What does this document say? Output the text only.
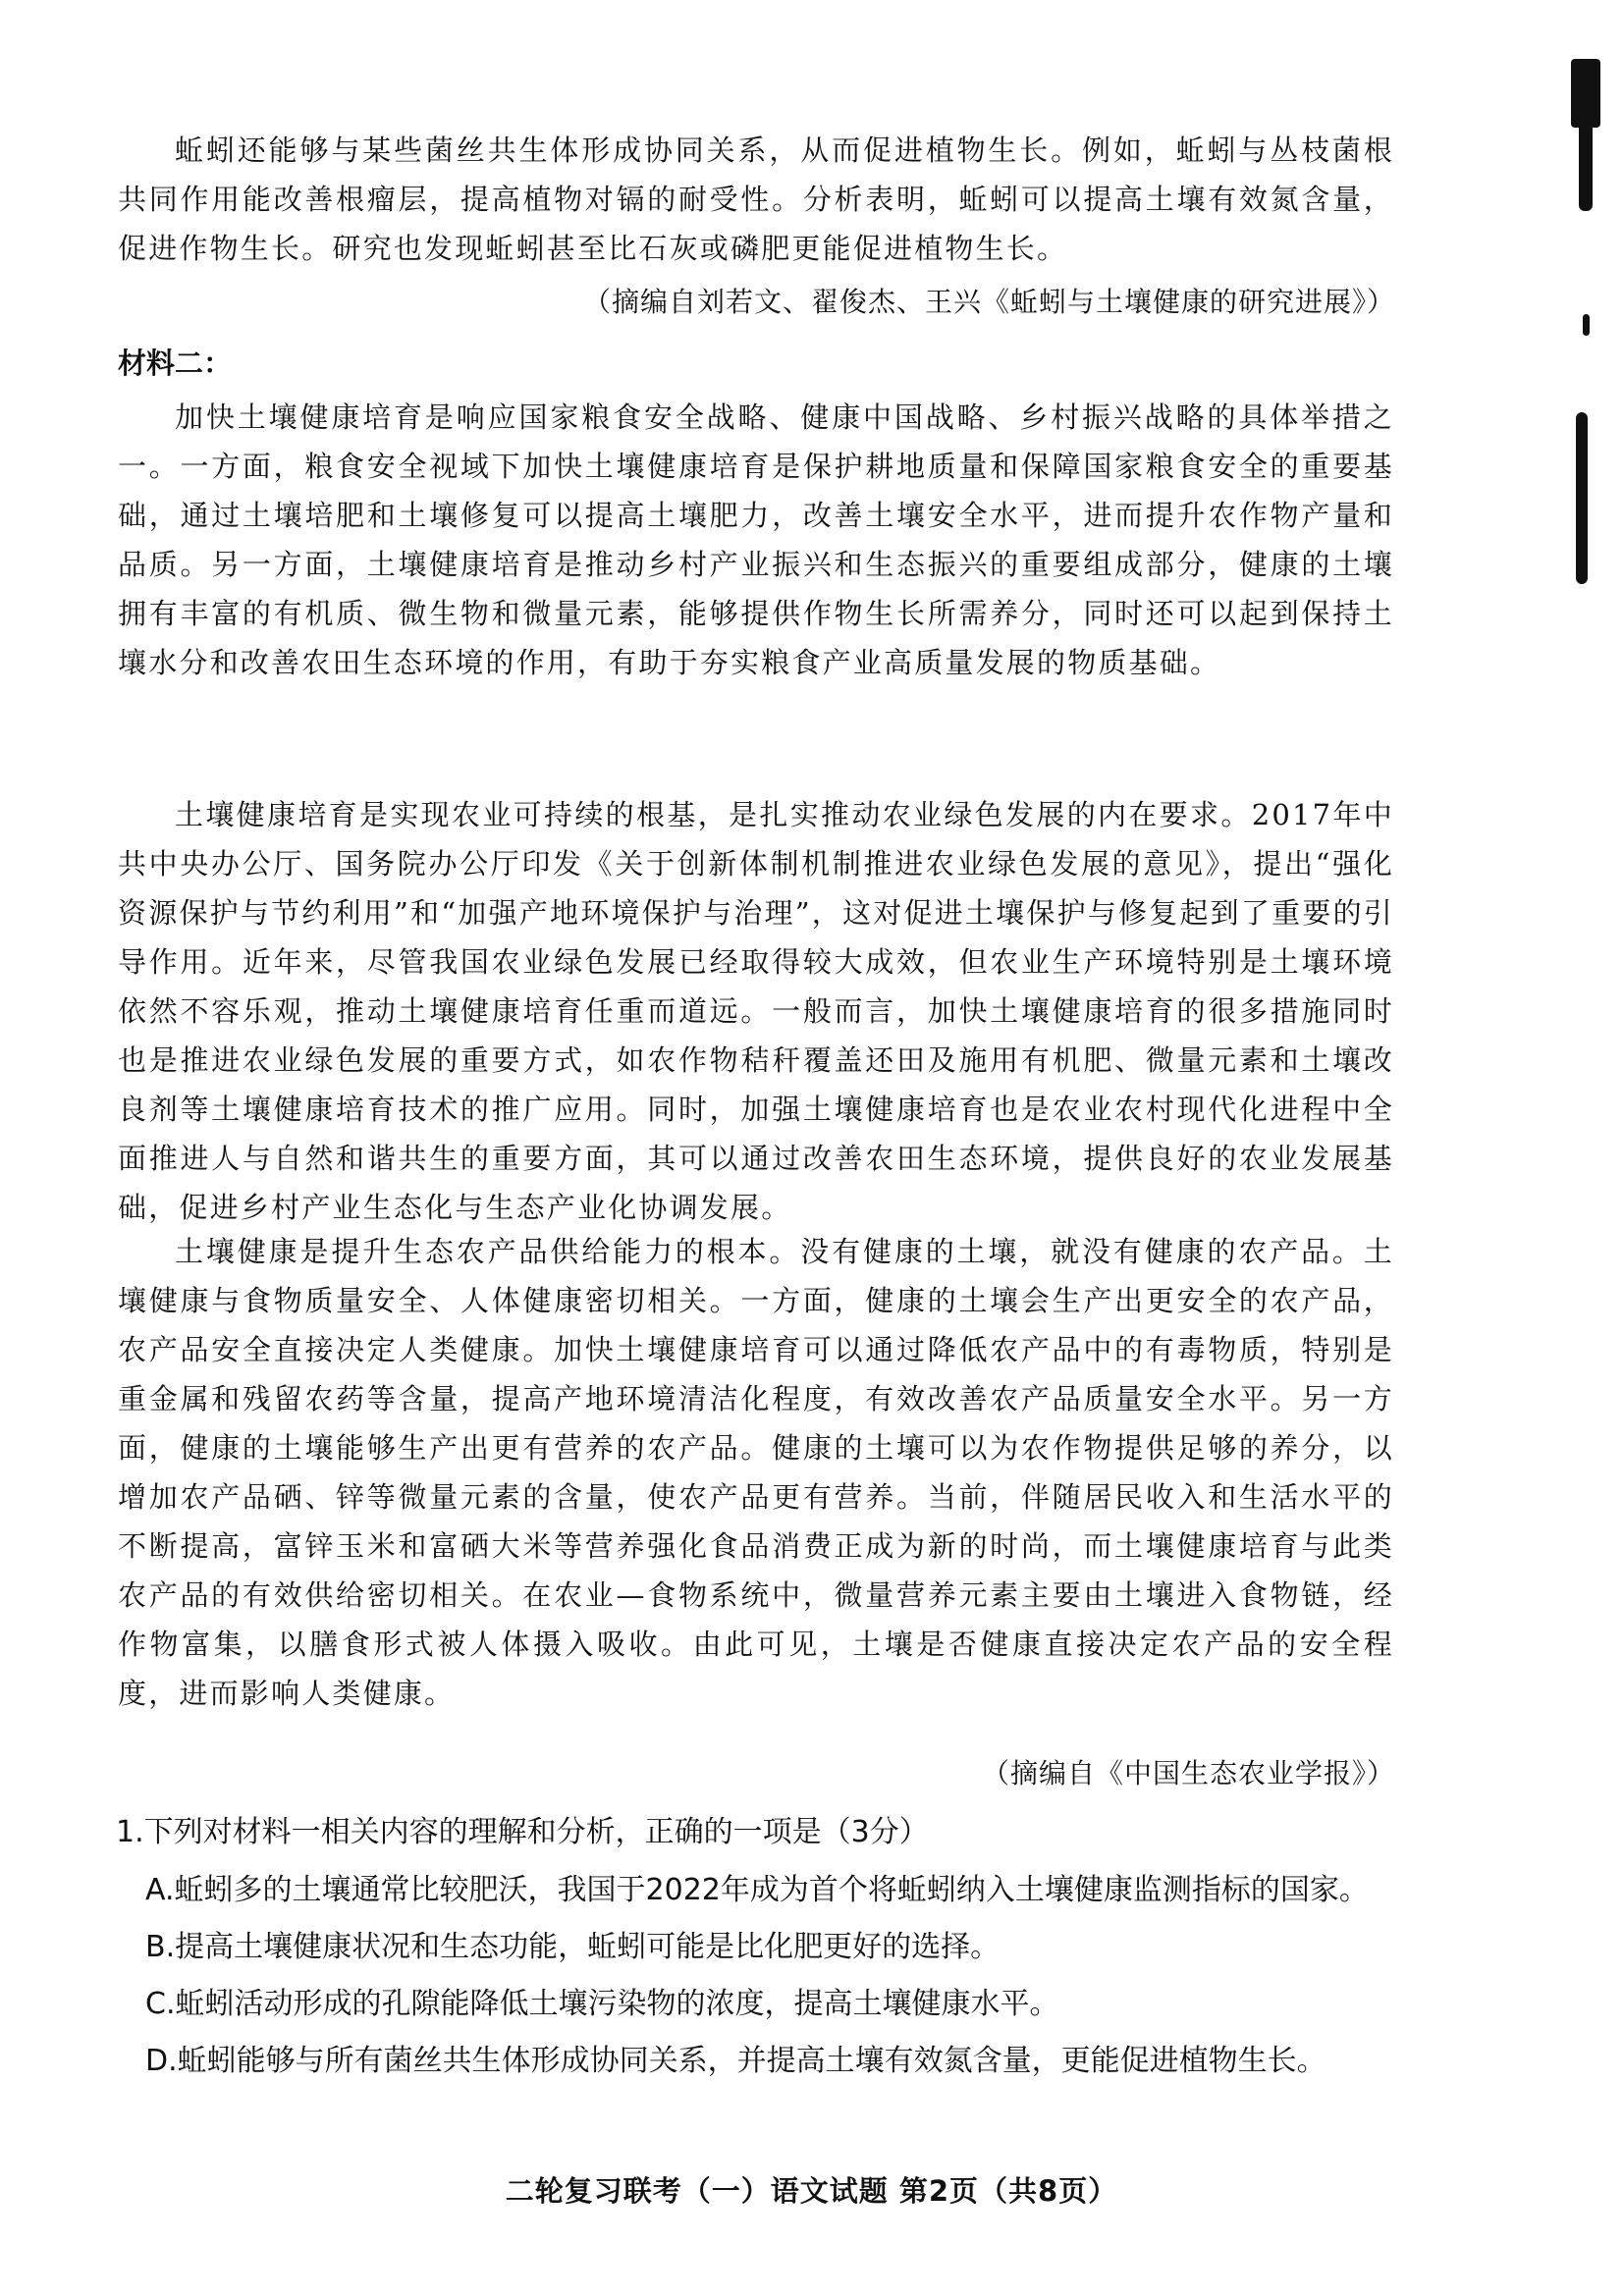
蚯蚓还能够与某些菌丝共生体形成协同关系，从而促进植物生长。例如，蚯蚓与丛枝菌根共同作用能改善根瘤层，提高植物对镉的耐受性。分析表明，蚯蚓可以提高土壤有效氮含量，促进作物生长。研究也发现蚯蚓甚至比石灰或磷肥更能促进植物生长。

（摘编自刘若文、翟俊杰、王兴《蚯蚓与土壤健康的研究进展》）

材料二：

加快土壤健康培育是响应国家粮食安全战略、健康中国战略、乡村振兴战略的具体举措之一。一方面，粮食安全视域下加快土壤健康培育是保护耕地质量和保障国家粮食安全的重要基础，通过土壤培肥和土壤修复可以提高土壤肥力，改善土壤安全水平，进而提升农作物产量和品质。另一方面，土壤健康培育是推动乡村产业振兴和生态振兴的重要组成部分，健康的土壤拥有丰富的有机质、微生物和微量元素，能够提供作物生长所需养分，同时还可以起到保持土壤水分和改善农田生态环境的作用，有助于夯实粮食产业高质量发展的物质基础。

土壤健康培育是实现农业可持续的根基，是扎实推动农业绿色发展的内在要求。2017年中共中央办公厅、国务院办公厅印发《关于创新体制机制推进农业绿色发展的意见》，提出“强化资源保护与节约利用”和“加强产地环境保护与治理”，这对促进土壤保护与修复起到了重要的引导作用。近年来，尽管我国农业绿色发展已经取得较大成效，但农业生产环境特别是土壤环境依然不容乐观，推动土壤健康培育任重而道远。一般而言，加快土壤健康培育的很多措施同时也是推进农业绿色发展的重要方式，如农作物秸秆覆盖还田及施用有机肥、微量元素和土壤改良剂等土壤健康培育技术的推广应用。同时，加强土壤健康培育也是农业农村现代化进程中全面推进人与自然和谐共生的重要方面，其可以通过改善农田生态环境，提供良好的农业发展基础，促进乡村产业生态化与生态产业化协调发展。

土壤健康是提升生态农产品供给能力的根本。没有健康的土壤，就没有健康的农产品。土壤健康与食物质量安全、人体健康密切相关。一方面，健康的土壤会生产出更安全的农产品，农产品安全直接决定人类健康。加快土壤健康培育可以通过降低农产品中的有毒物质，特别是重金属和残留农药等含量，提高产地环境清洁化程度，有效改善农产品质量安全水平。另一方面，健康的土壤能够生产出更有营养的农产品。健康的土壤可以为农作物提供足够的养分，以增加农产品硒、锌等微量元素的含量，使农产品更有营养。当前，伴随居民收入和生活水平的不断提高，富锌玉米和富硒大米等营养强化食品消费正成为新的时尚，而土壤健康培育与此类农产品的有效供给密切相关。在农业—食物系统中，微量营养元素主要由土壤进入食物链，经作物富集，以膳食形式被人体摄入吸收。由此可见，土壤是否健康直接决定农产品的安全程度，进而影响人类健康。

（摘编自《中国生态农业学报》）

1.下列对材料一相关内容的理解和分析，正确的一项是（3分）

A.蚯蚓多的土壤通常比较肥沃，我国于2022年成为首个将蚯蚓纳入土壤健康监测指标的国家。

B.提高土壤健康状况和生态功能，蚯蚓可能是比化肥更好的选择。

C.蚯蚓活动形成的孔隙能降低土壤污染物的浓度，提高土壤健康水平。

D.蚯蚓能够与所有菌丝共生体形成协同关系，并提高土壤有效氮含量，更能促进植物生长。

二轮复习联考（一）语文试题 第2页（共8页）
